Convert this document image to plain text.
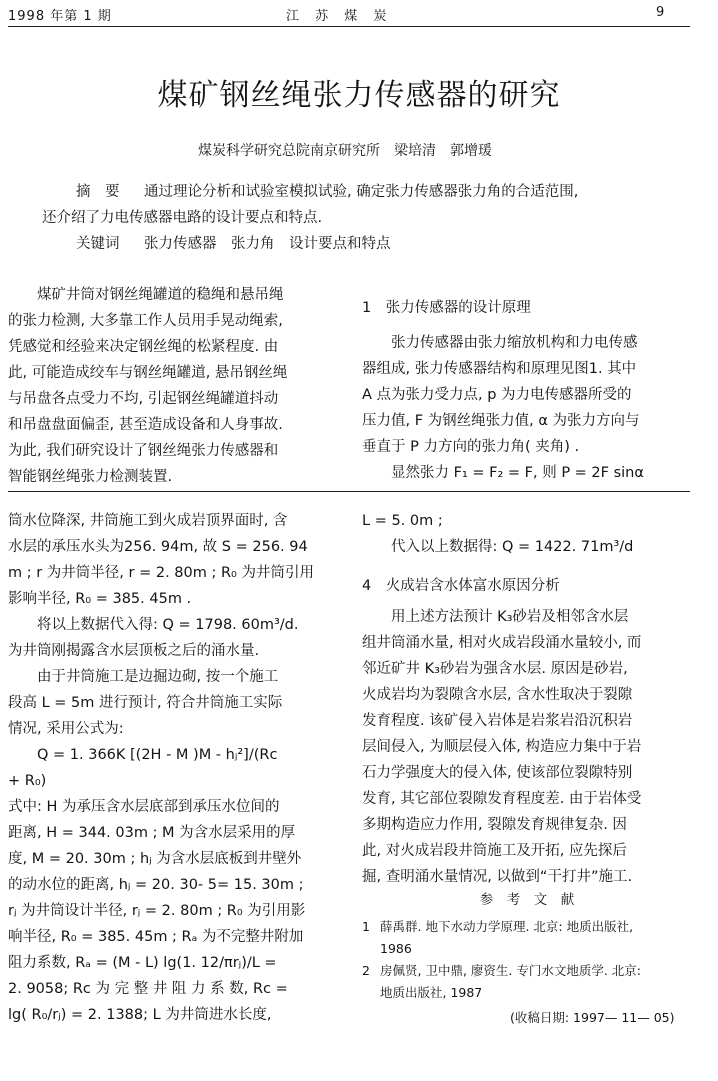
1998 年第 1 期	江 苏 煤 炭	9
煤矿钢丝绳张力传感器的研究
煤炭科学研究总院南京研究所　梁培清　郭增瑗
摘　要 通过理论分析和试验室模拟试验, 确定张力传感器张力角的合适范围,
还介绍了力电传感器电路的设计要点和特点.
关键词 张力传感器　张力角　设计要点和特点
煤矿井筒对钢丝绳罐道的稳绳和悬吊绳
的张力检测, 大多靠工作人员用手晃动绳索,
凭感觉和经验来决定钢丝绳的松紧程度. 由
此, 可能造成绞车与钢丝绳罐道, 悬吊钢丝绳
与吊盘各点受力不均, 引起钢丝绳罐道抖动
和吊盘盘面偏歪, 甚至造成设备和人身事故.
为此, 我们研究设计了钢丝绳张力传感器和
智能钢丝绳张力检测装置.
1　张力传感器的设计原理
张力传感器由张力缩放机构和力电传感
器组成, 张力传感器结构和原理见图1. 其中
A 点为张力受力点, p 为力电传感器所受的
压力值, F 为钢丝绳张力值, α 为张力方向与
垂直于 P 力方向的张力角( 夹角) .
显然张力 F₁ = F₂ = F, 则 P = 2F sinα
筒水位降深, 井筒施工到火成岩顶界面时, 含
水层的承压水头为256. 94m, 故 S = 256. 94
m ; r 为井筒半径, r = 2. 80m ; R₀ 为井筒引用
影响半径, R₀ = 385. 45m .
将以上数据代入得: Q = 1798. 60m³/d.
为井筒刚揭露含水层顶板之后的涌水量.
由于井筒施工是边掘边砌, 按一个施工
段高 L = 5m 进行预计, 符合井筒施工实际
情况, 采用公式为:
Q = 1. 366K [(2H - M )M - hⱼ²]/(Rc
+ R₀)
式中: H 为承压含水层底部到承压水位间的
距离, H = 344. 03m ; M 为含水层采用的厚
度, M = 20. 30m ; hⱼ 为含水层底板到井壁外
的动水位的距离, hⱼ = 20. 30- 5= 15. 30m ;
rⱼ 为井筒设计半径, rⱼ = 2. 80m ; R₀ 为引用影
响半径, R₀ = 385. 45m ; Rₐ 为不完整井附加
阻力系数, Rₐ = (M - L) lg(1. 12/πrⱼ)/L =
2. 9058; Rc 为 完 整 井 阻 力 系 数, Rc =
lg( R₀/rⱼ) = 2. 1388; L 为井筒进水长度,
L = 5. 0m ;
代入以上数据得: Q = 1422. 71m³/d
4　火成岩含水体富水原因分析
用上述方法预计 K₃砂岩及相邻含水层
组井筒涌水量, 相对火成岩段涌水量较小, 而
邻近矿井 K₃砂岩为强含水层. 原因是砂岩,
火成岩均为裂隙含水层, 含水性取决于裂隙
发育程度. 该矿侵入岩体是岩浆岩沿沉积岩
层间侵入, 为顺层侵入体, 构造应力集中于岩
石力学强度大的侵入体, 使该部位裂隙特别
发育, 其它部位裂隙发育程度差. 由于岩体受
多期构造应力作用, 裂隙发育规律复杂. 因
此, 对火成岩段井筒施工及开拓, 应先探后
掘, 查明涌水量情况, 以做到“干打井”施工.
参　考　文　献
1 薛禹群. 地下水动力学原理. 北京: 地质出版社,
1986
2 房佩贤, 卫中鼎, 廖资生. 专门水文地质学. 北京:
地质出版社, 1987
(收稿日期: 1997— 11— 05)
